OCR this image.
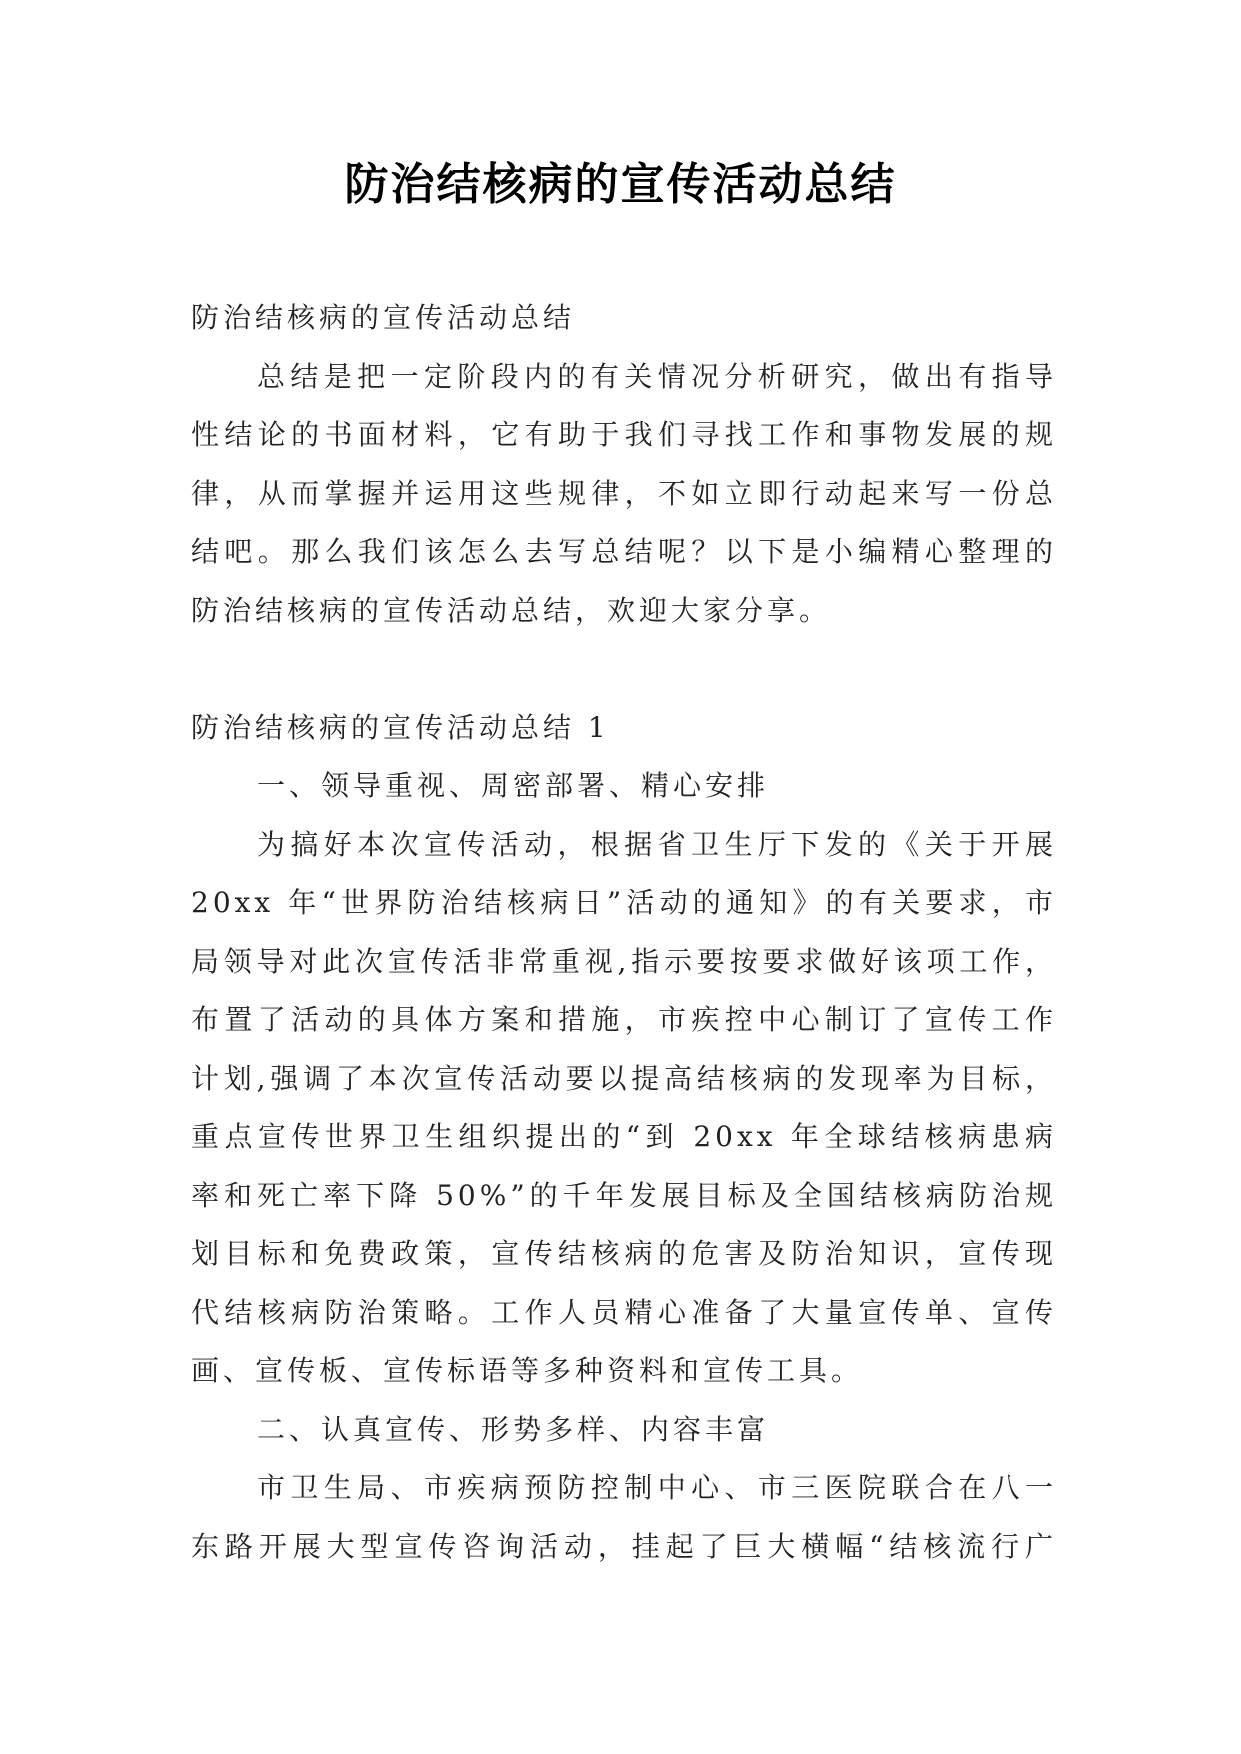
防治结核病的宣传活动总结
防治结核病的宣传活动总结
总结是把一定阶段内的有关情况分析研究，做出有指导
性结论的书面材料，它有助于我们寻找工作和事物发展的规
律，从而掌握并运用这些规律，不如立即行动起来写一份总
结吧。那么我们该怎么去写总结呢？以下是小编精心整理的
防治结核病的宣传活动总结，欢迎大家分享。
防治结核病的宣传活动总结 1
一、领导重视、周密部署、精心安排
为搞好本次宣传活动，根据省卫生厅下发的《关于开展
20xx 年“世界防治结核病日”活动的通知》的有关要求，市
局领导对此次宣传活非常重视,指示要按要求做好该项工作，
布置了活动的具体方案和措施，市疾控中心制订了宣传工作
计划,强调了本次宣传活动要以提高结核病的发现率为目标，
重点宣传世界卫生组织提出的“到 20xx 年全球结核病患病
率和死亡率下降 50%”的千年发展目标及全国结核病防治规
划目标和免费政策，宣传结核病的危害及防治知识，宣传现
代结核病防治策略。工作人员精心准备了大量宣传单、宣传
画、宣传板、宣传标语等多种资料和宣传工具。
二、认真宣传、形势多样、内容丰富
市卫生局、市疾病预防控制中心、市三医院联合在八一
东路开展大型宣传咨询活动，挂起了巨大横幅“结核流行广
